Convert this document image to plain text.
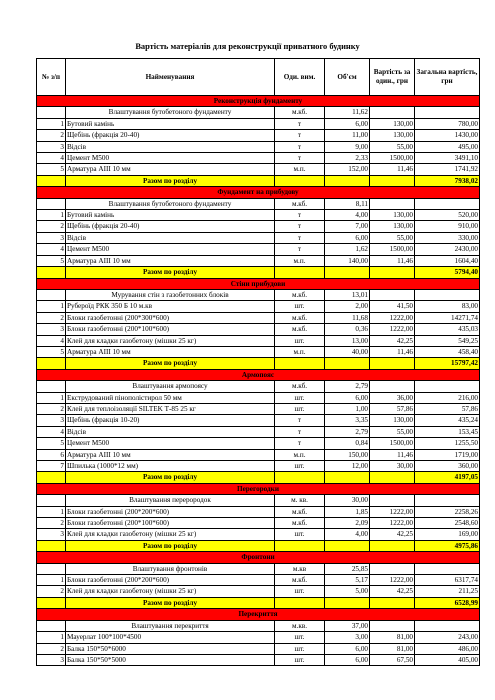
Вартість матеріалів для реконструкції приватного будинку
№ з/п	Найменування	Оди. вим.	Об'єм	Вартість за один., грн	Загальна вартість, грн
Реконструкція фундаменту					
	Влаштування бутобетоного фундаменту	м.кб.	11,62		
1	Бутовий камінь	т	6,00	130,00	780,00
2	Щебінь (фракція 20-40)	т	11,00	130,00	1430,00
3	Відсів	т	9,00	55,00	495,00
4	Цемент М500	т	2,33	1500,00	3491,10
5	Арматура АІІІ 10 мм	м.п.	152,00	11,46	1741,92
	Разом по розділу				7938,02
Фундамент на прибудову					
	Влаштування бутобетоного фундаменту	м.кб.	8,11		
1	Бутовий камінь	т	4,00	130,00	520,00
2	Щебінь (фракція 20-40)	т	7,00	130,00	910,00
3	Відсів	т	6,00	55,00	330,00
4	Цемент М500	т	1,62	1500,00	2430,00
5	Арматура АІІІ 10 мм	м.п.	140,00	11,46	1604,40
	Разом по розділу				5794,40
Стіни прибудови					
	Мурування стін з газобетонних блоків	м.кб.	13,01		
1	Рубероїд РКК 350 Б 10 м.кв	шт.	2,00	41,50	83,00
2	Блоки газобетонні (200*300*600)	м.кб.	11,68	1222,00	14271,74
3	Блоки газобетонні (200*100*600)	м.кб.	0,36	1222,00	435,03
4	Клей для кладки газобетону (мішки 25 кг)	шт.	13,00	42,25	549,25
5	Арматура АІІІ 10 мм	м.п.	40,00	11,46	458,40
	Разом по розділу				15797,42
Армопояс					
	Влаштування армопоясу	м.кб.	2,79		
1	Екструдований пінополістирол 50 мм	шт.	6,00	36,00	216,00
2	Клей для теплоізоляції SILTEK Т-85 25 кг	шт.	1,00	57,86	57,86
3	Щебінь (фракція 10-20)	т	3,35	130,00	435,24
4	Відсів	т	2,79	55,00	153,45
5	Цемент М500	т	0,84	1500,00	1255,50
6	Арматура АІІІ 10 мм	м.п.	150,00	11,46	1719,00
7	Шпилька (1000*12 мм)	шт.	12,00	30,00	360,00
	Разом по розділу				4197,05
Перегородки					
	Влаштування перерородок	м. кв.	30,00		
1	Блоки газобетонні (200*200*600)	м.кб.	1,85	1222,00	2258,26
2	Блоки газобетонні (200*100*600)	м.кб.	2,09	1222,00	2548,60
3	Клей для кладки газобетону (мішки 25 кг)	шт.	4,00	42,25	169,00
	Разом по розділу				4975,86
Фронтони					
	Влаштування фронтонів	м.кв	25,85		
1	Блоки газобетонні (200*200*600)	м.кб.	5,17	1222,00	6317,74
2	Клей для кладки газобетону (мішки 25 кг)	шт.	5,00	42,25	211,25
	Разом по розділу				6528,99
Перекриття					
	Влаштування перекриття	м.кв.	37,00		
1	Мауерлат 100*100*4500	шт.	3,00	81,00	243,00
2	Балка 150*50*6000	шт.	6,00	81,00	486,00
3	Балка 150*50*5000	шт.	6,00	67,50	405,00
